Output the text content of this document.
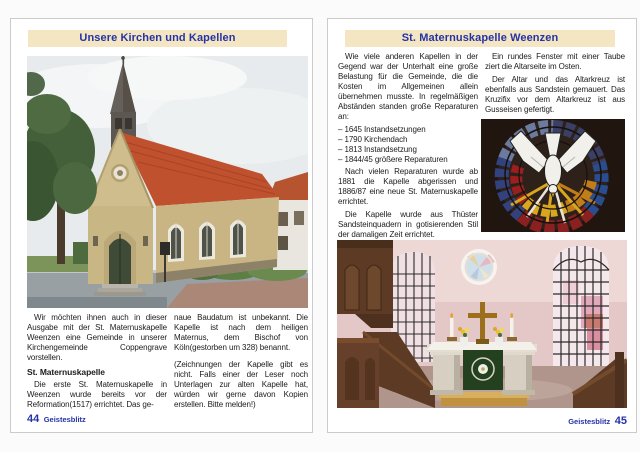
Unsere Kirchen und Kapellen

Wir möchten ihnen auch in dieser Ausgabe mit der St. Maternuskapelle Weenzen eine Gemeinde in unserer Kirchengemeinde Coppengrave vorstellen.

St. Maternuskapelle

Die erste St. Maternuskapelle in Weenzen wurde bereits vor der Reformation(1517) errichtet. Das ge-

naue Baudatum ist unbekannt. Die Kapelle ist nach dem heiligen Maternus, dem Bischof von Köln(gestorben um 328) benannt.

(Zeichnungen der Kapelle gibt es nicht. Falls einer der Leser noch Unterlagen zur alten Kapelle hat, würden wir gerne davon Kopien erstellen. Bitte melden!)

44 Geistesblitz
St. Maternuskapelle Weenzen

Wie viele anderen Kapellen in der Gegend war der Unterhalt eine große Belastung für die Gemeinde, die die Kosten im Allgemeinen allein übernehmen musste. In regelmäßigen Abständen standen große Reparaturen an:

– 1645 Instandsetzungen
– 1790 Kirchendach
– 1813 Instandsetzung
– 1844/45 größere Reparaturen

Nach vielen Reparaturen wurde ab 1881 die Kapelle abgerissen und 1886/87 eine neue St. Maternuskapelle errichtet.

Die Kapelle wurde aus Thüster Sandsteinquadern in gotisierenden Stil der damaligen Zeit errichtet.

Ein rundes Fenster mit einer Taube ziert die Altarseite im Osten.

Der Altar und das Altarkreuz ist ebenfalls aus Sandstein gemauert. Das Kruzifix vor dem Altarkreuz ist aus Gusseisen gefertigt.

Geistesblitz 45
